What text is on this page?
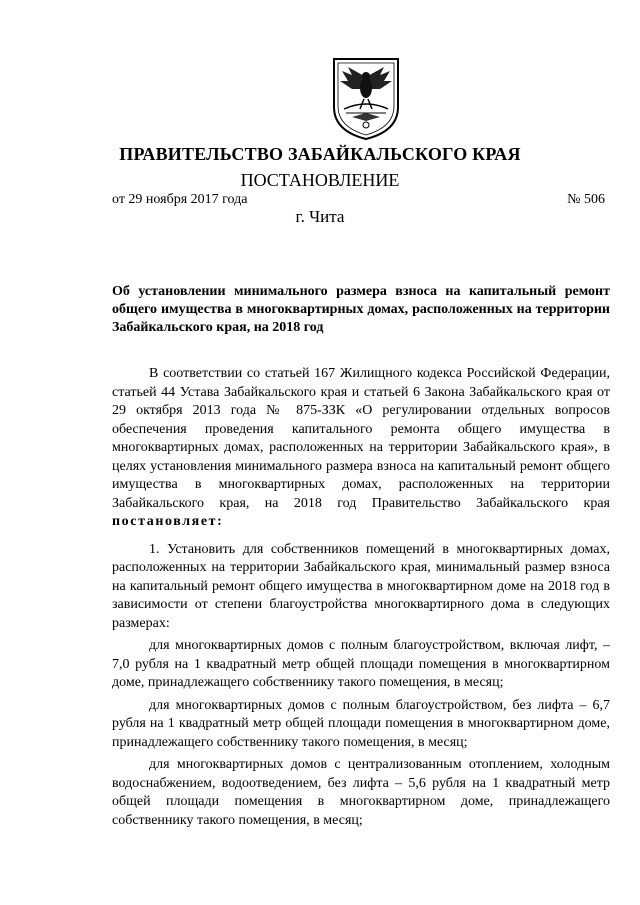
ПРАВИТЕЛЬСТВО ЗАБАЙКАЛЬСКОГО КРАЯ
ПОСТАНОВЛЕНИЕ
от 29 ноября 2017 года	№ 506
г. Чита
Об установлении минимального размера взноса на капитальный ремонт общего имущества в многоквартирных домах, расположенных на территории Забайкальского края, на 2018 год

В соответствии со статьей 167 Жилищного кодекса Российской Федерации, статьей 44 Устава Забайкальского края и статьей 6 Закона Забайкальского края от 29 октября 2013 года № 875-ЗЗК «О регулировании отдельных вопросов обеспечения проведения капитального ремонта общего имущества в многоквартирных домах, расположенных на территории Забайкальского края», в целях установления минимального размера взноса на капитальный ремонт общего имущества в многоквартирных домах, расположенных на территории Забайкальского края, на 2018 год Правительство Забайкальского края постановляет:

1. Установить для собственников помещений в многоквартирных домах, расположенных на территории Забайкальского края, минимальный размер взноса на капитальный ремонт общего имущества в многоквартирном доме на 2018 год в зависимости от степени благоустройства многоквартирного дома в следующих размерах:

для многоквартирных домов с полным благоустройством, включая лифт, – 7,0 рубля на 1 квадратный метр общей площади помещения в многоквартирном доме, принадлежащего собственнику такого помещения, в месяц;

для многоквартирных домов с полным благоустройством, без лифта – 6,7 рубля на 1 квадратный метр общей площади помещения в многоквартирном доме, принадлежащего собственнику такого помещения, в месяц;

для многоквартирных домов с централизованным отоплением, холодным водоснабжением, водоотведением, без лифта – 5,6 рубля на 1 квадратный метр общей площади помещения в многоквартирном доме, принадлежащего собственнику такого помещения, в месяц;
